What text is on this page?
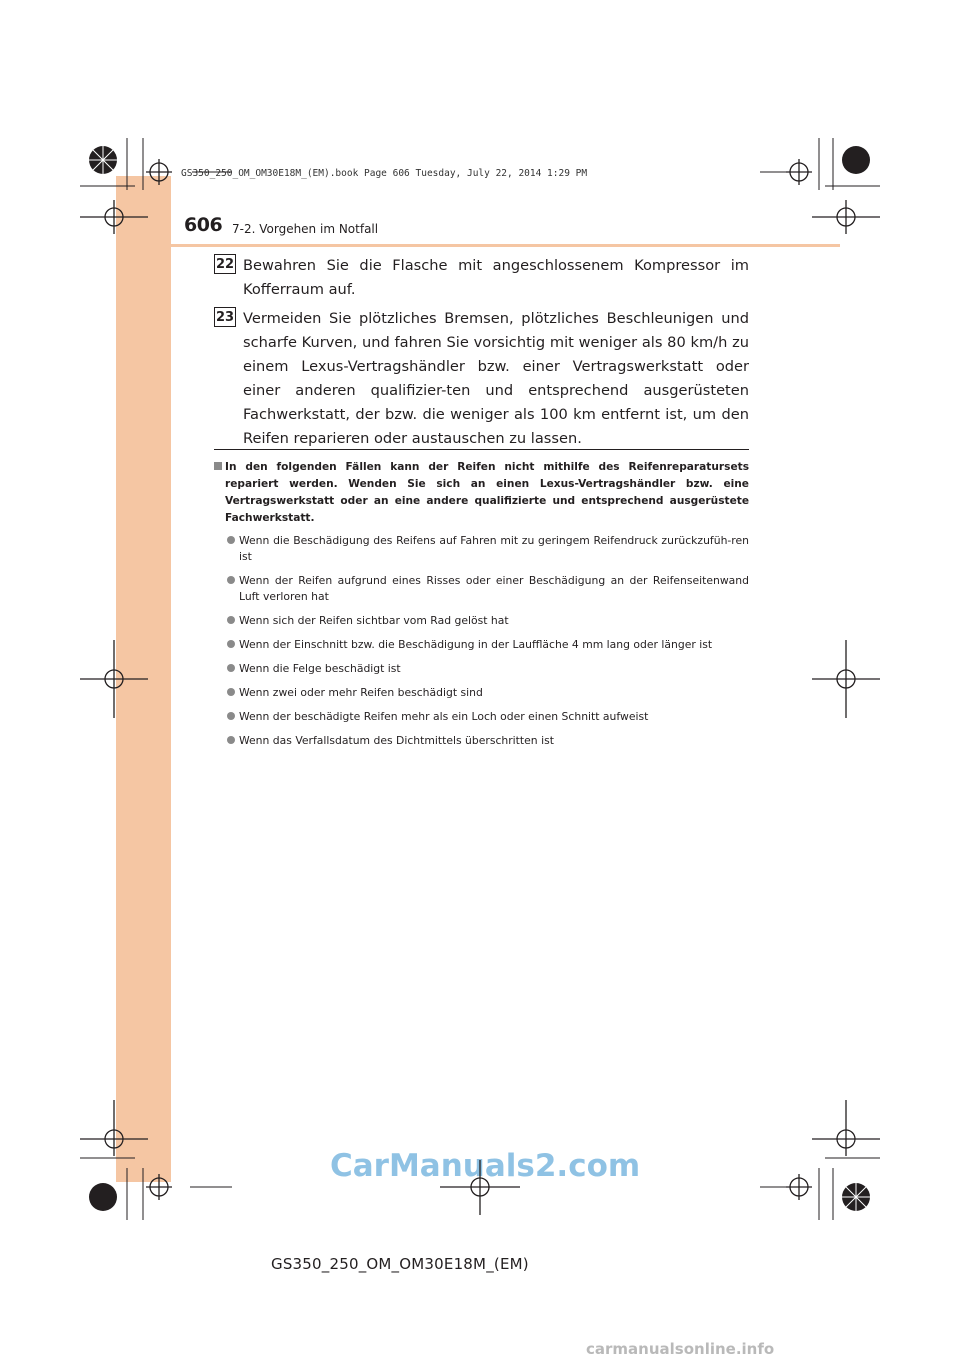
GS350_250_OM_OM30E18M_(EM).book Page 606 Tuesday, July 22, 2014 1:29 PM
606 7-2. Vorgehen im Notfall
22 Bewahren Sie die Flasche mit angeschlossenem Kompressor im Kofferraum auf.
23 Vermeiden Sie plötzliches Bremsen, plötzliches Beschleunigen und scharfe Kurven, und fahren Sie vorsichtig mit weniger als 80 km/h zu einem Lexus-Vertragshändler bzw. einer Vertragswerkstatt oder einer anderen qualifizier-ten und entsprechend ausgerüsteten Fachwerkstatt, der bzw. die weniger als 100 km entfernt ist, um den Reifen reparieren oder austauschen zu lassen.
In den folgenden Fällen kann der Reifen nicht mithilfe des Reifenreparatursets repariert werden. Wenden Sie sich an einen Lexus-Vertragshändler bzw. eine Vertragswerkstatt oder an eine andere qualifizierte und entsprechend ausgerüstete Fachwerkstatt.
Wenn die Beschädigung des Reifens auf Fahren mit zu geringem Reifendruck zurückzufüh-ren ist
Wenn der Reifen aufgrund eines Risses oder einer Beschädigung an der Reifenseitenwand Luft verloren hat
Wenn sich der Reifen sichtbar vom Rad gelöst hat
Wenn der Einschnitt bzw. die Beschädigung in der Lauffläche 4 mm lang oder länger ist
Wenn die Felge beschädigt ist
Wenn zwei oder mehr Reifen beschädigt sind
Wenn der beschädigte Reifen mehr als ein Loch oder einen Schnitt aufweist
Wenn das Verfallsdatum des Dichtmittels überschritten ist
CarManuals2.com
carmanualsonline.info
GS350_250_OM_OM30E18M_(EM)
